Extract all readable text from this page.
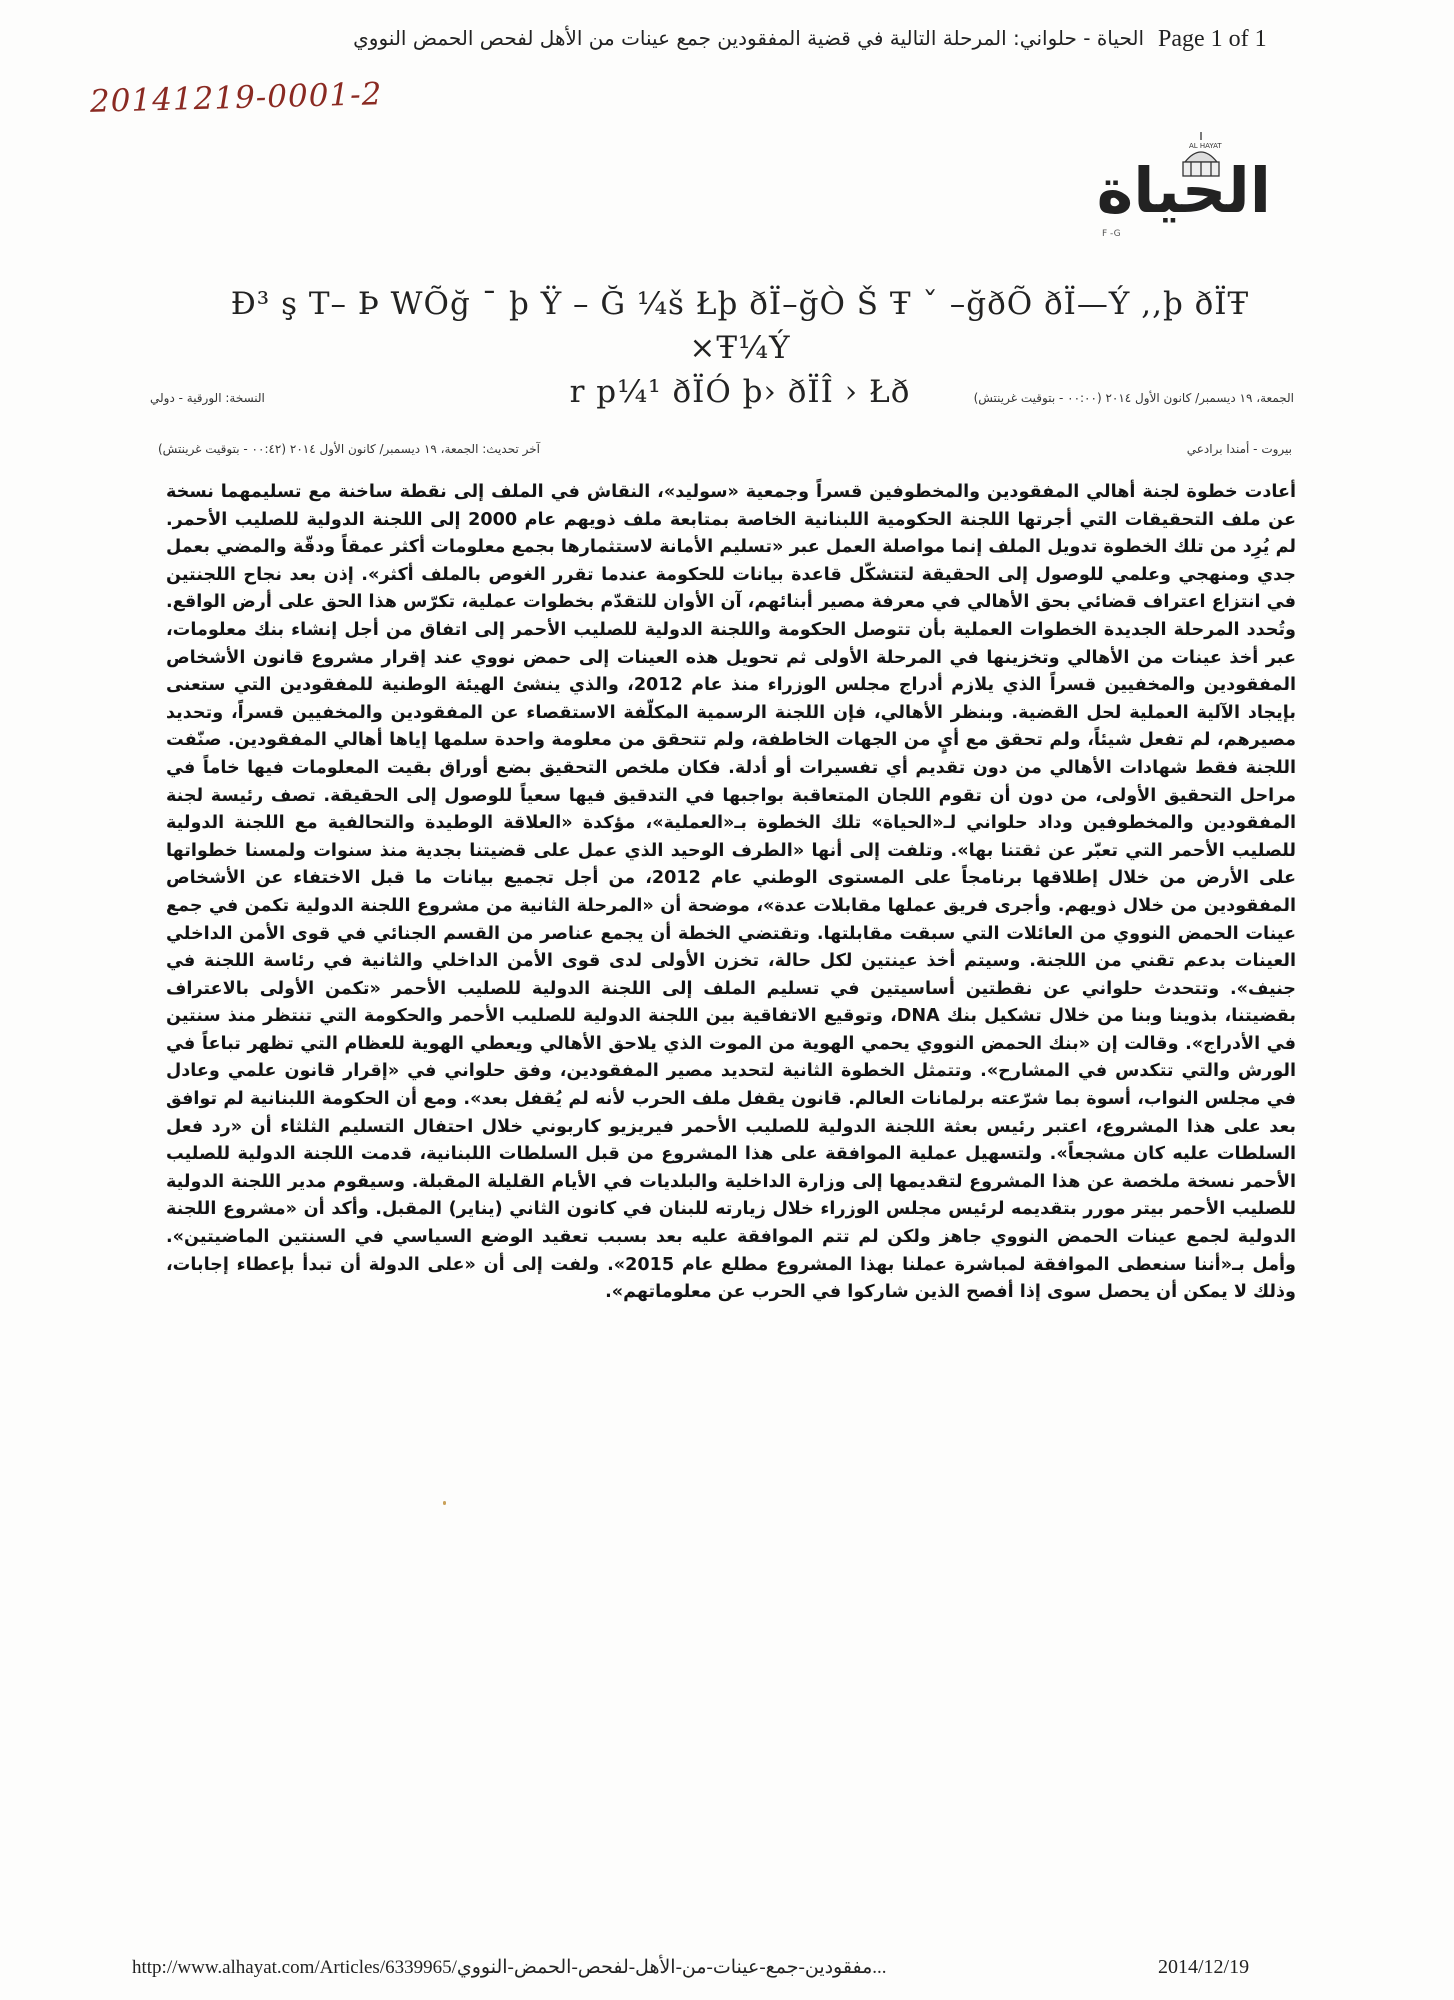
Page 1 of 1
الحياة - حلواني: المرحلة التالية في قضية المفقودين جمع عينات من الأهل لفحص الحمض النووي
20141219-0001-2
AL HAYAT
الحياة
F -G
Ð³ ş T– Þ WÕğ ¯ þ Ÿ – Ğ ¼š Łþ ðÏ–ğÒ Š Ŧ ˇ –ğðÕ ðÏ—Ý ,,þ ðÏŦ ×Ŧ¼Ý
r p¼¹ ðÏÓ þ› ðÏÎ › Łð	الجمعة، ١٩ ديسمبر/ كانون الأول ٢٠١٤ (٠٠:٠٠ - بتوقيت غرينتش)
النسخة: الورقية - دولي
بيروت - أمندا برادعي
آخر تحديث: الجمعة، ١٩ ديسمبر/ كانون الأول ٢٠١٤ (٠٠:٤٢ - بتوقيت غرينتش)

أعادت خطوة لجنة أهالي المفقودين والمخطوفين قسراً وجمعية «سوليد»، النقاش في الملف إلى نقطة ساخنة مع تسليمهما نسخة عن ملف التحقيقات التي أجرتها اللجنة الحكومية اللبنانية الخاصة بمتابعة ملف ذويهم عام 2000 إلى اللجنة الدولية للصليب الأحمر. لم يُرِد من تلك الخطوة تدويل الملف إنما مواصلة العمل عبر «تسليم الأمانة لاستثمارها بجمع معلومات أكثر عمقاً ودقّة والمضي بعمل جدي ومنهجي وعلمي للوصول إلى الحقيقة لتتشكّل قاعدة بيانات للحكومة عندما تقرر الغوص بالملف أكثر». إذن بعد نجاح اللجنتين في انتزاع اعتراف قضائي بحق الأهالي في معرفة مصير أبنائهم، آن الأوان للتقدّم بخطوات عملية، تكرّس هذا الحق على أرض الواقع. وتُحدد المرحلة الجديدة الخطوات العملية بأن تتوصل الحكومة واللجنة الدولية للصليب الأحمر إلى اتفاق من أجل إنشاء بنك معلومات، عبر أخذ عينات من الأهالي وتخزينها في المرحلة الأولى ثم تحويل هذه العينات إلى حمض نووي عند إقرار مشروع قانون الأشخاص المفقودين والمخفيين قسراً الذي يلازم أدراج مجلس الوزراء منذ عام 2012، والذي ينشئ الهيئة الوطنية للمفقودين التي ستعنى بإيجاد الآلية العملية لحل القضية. وبنظر الأهالي، فإن اللجنة الرسمية المكلّفة الاستقصاء عن المفقودين والمخفيين قسراً، وتحديد مصيرهم، لم تفعل شيئاً، ولم تحقق مع أيٍ من الجهات الخاطفة، ولم تتحقق من معلومة واحدة سلمها إياها أهالي المفقودين. صنّفت اللجنة فقط شهادات الأهالي من دون تقديم أي تفسيرات أو أدلة. فكان ملخص التحقيق بضع أوراق بقيت المعلومات فيها خاماً في مراحل التحقيق الأولى، من دون أن تقوم اللجان المتعاقبة بواجبها في التدقيق فيها سعياً للوصول إلى الحقيقة. تصف رئيسة لجنة المفقودين والمخطوفين وداد حلواني لـ«الحياة» تلك الخطوة بـ«العملية»، مؤكدة «العلاقة الوطيدة والتحالفية مع اللجنة الدولية للصليب الأحمر التي تعبّر عن ثقتنا بها». وتلفت إلى أنها «الطرف الوحيد الذي عمل على قضيتنا بجدية منذ سنوات ولمسنا خطواتها على الأرض من خلال إطلاقها برنامجاً على المستوى الوطني عام 2012، من أجل تجميع بيانات ما قبل الاختفاء عن الأشخاص المفقودين من خلال ذويهم. وأجرى فريق عملها مقابلات عدة»، موضحة أن «المرحلة الثانية من مشروع اللجنة الدولية تكمن في جمع عينات الحمض النووي من العائلات التي سبقت مقابلتها. وتقتضي الخطة أن يجمع عناصر من القسم الجنائي في قوى الأمن الداخلي العينات بدعم تقني من اللجنة. وسيتم أخذ عينتين لكل حالة، تخزن الأولى لدى قوى الأمن الداخلي والثانية في رئاسة اللجنة في جنيف». وتتحدث حلواني عن نقطتين أساسيتين في تسليم الملف إلى اللجنة الدولية للصليب الأحمر «تكمن الأولى بالاعتراف بقضيتنا، بذوينا وبنا من خلال تشكيل بنك DNA، وتوقيع الاتفاقية بين اللجنة الدولية للصليب الأحمر والحكومة التي تنتظر منذ سنتين في الأدراج». وقالت إن «بنك الحمض النووي يحمي الهوية من الموت الذي يلاحق الأهالي ويعطي الهوية للعظام التي تظهر تباعاً في الورش والتي تتكدس في المشارح». وتتمثل الخطوة الثانية لتحديد مصير المفقودين، وفق حلواني في «إقرار قانون علمي وعادل في مجلس النواب، أسوة بما شرّعته برلمانات العالم. قانون يقفل ملف الحرب لأنه لم يُقفل بعد». ومع أن الحكومة اللبنانية لم توافق بعد على هذا المشروع، اعتبر رئيس بعثة اللجنة الدولية للصليب الأحمر فيريزيو كاربوني خلال احتفال التسليم الثلثاء أن «رد فعل السلطات عليه كان مشجعاً». ولتسهيل عملية الموافقة على هذا المشروع من قبل السلطات اللبنانية، قدمت اللجنة الدولية للصليب الأحمر نسخة ملخصة عن هذا المشروع لتقديمها إلى وزارة الداخلية والبلديات في الأيام القليلة المقبلة. وسيقوم مدير اللجنة الدولية للصليب الأحمر بيتر مورر بتقديمه لرئيس مجلس الوزراء خلال زيارته للبنان في كانون الثاني (يناير) المقبل. وأكد أن «مشروع اللجنة الدولية لجمع عينات الحمض النووي جاهز ولكن لم تتم الموافقة عليه بعد بسبب تعقيد الوضع السياسي في السنتين الماضيتين». وأمل بـ«أننا سنعطى الموافقة لمباشرة عملنا بهذا المشروع مطلع عام 2015». ولفت إلى أن «على الدولة أن تبدأ بإعطاء إجابات، وذلك لا يمكن أن يحصل سوى إذا أفصح الذين شاركوا في الحرب عن معلوماتهم».

http://www.alhayat.com/Articles/6339965/مفقودين-جمع-عينات-من-الأهل-لفحص-الحمض-النووي...	2014/12/19
